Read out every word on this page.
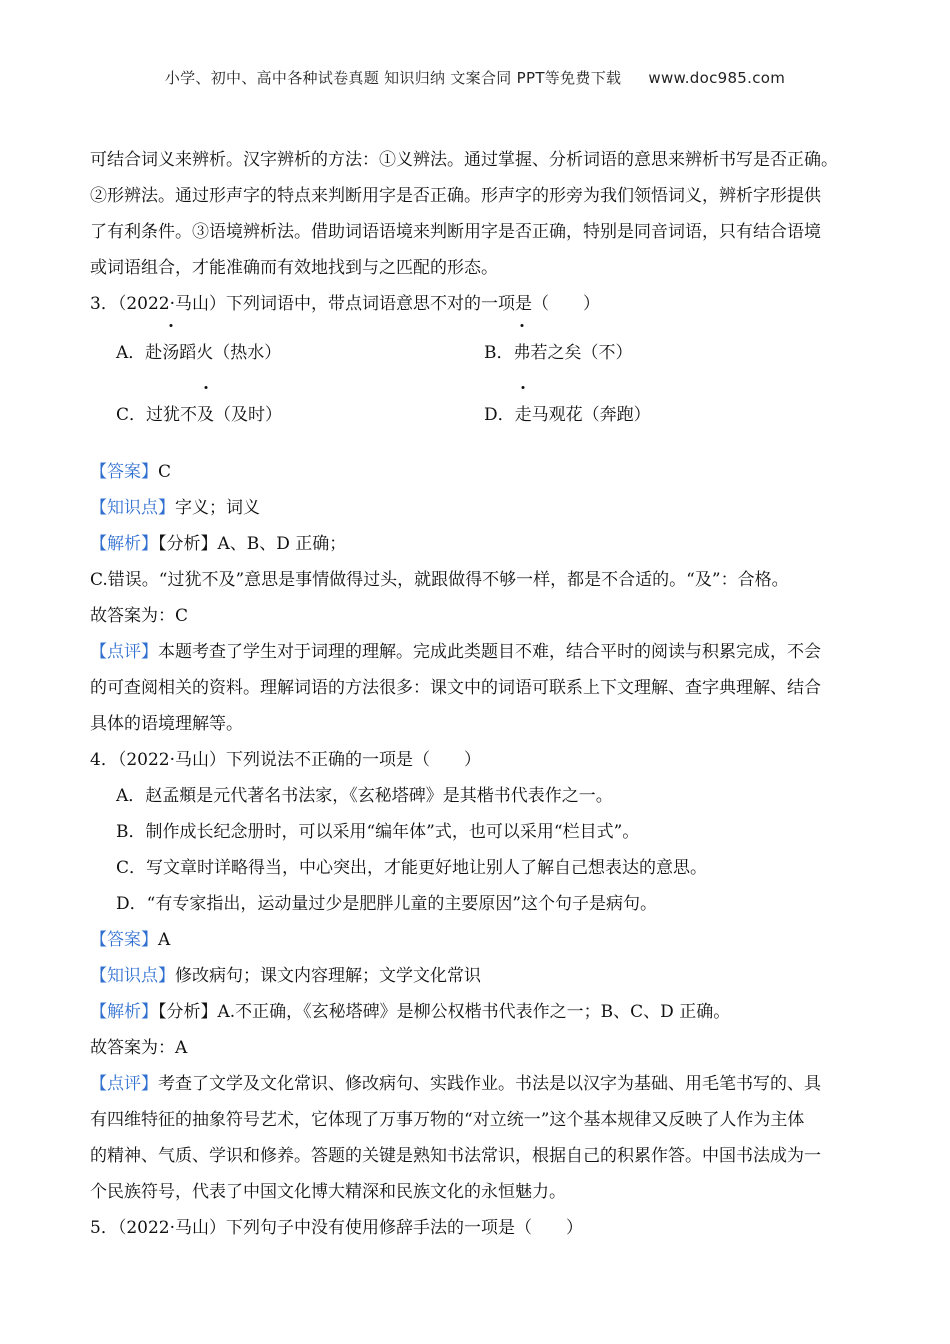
小学、初中、高中各种试卷真题 知识归纳 文案合同 PPT等免费下载 www.doc985.com
可结合词义来辨析。汉字辨析的方法：①义辨法。通过掌握、分析词语的意思来辨析书写是否正确。
②形辨法。通过形声字的特点来判断用字是否正确。形声字的形旁为我们领悟词义，辨析字形提供
了有利条件。③语境辨析法。借助词语语境来判断用字是否正确，特别是同音词语，只有结合语境
或词语组合，才能准确而有效地找到与之匹配的形态。
3．（2022·马山）下列词语中，带点词语意思不对的一项是（　　）
A．赴汤蹈火（热水）	B．弗若之矣（不）
C．过犹不及（及时）	D．走马观花（奔跑）
【答案】C
【知识点】字义；词义
【解析】【分析】A、B、D 正确；
C.错误。“过犹不及”意思是事情做得过头，就跟做得不够一样，都是不合适的。“及”：合格。
故答案为：C
【点评】本题考查了学生对于词理的理解。完成此类题目不难，结合平时的阅读与积累完成，不会
的可查阅相关的资料。理解词语的方法很多：课文中的词语可联系上下文理解、查字典理解、结合
具体的语境理解等。
4．（2022·马山）下列说法不正确的一项是（　　）
A．赵孟頫是元代著名书法家，《玄秘塔碑》是其楷书代表作之一。
B．制作成长纪念册时，可以采用“编年体”式，也可以采用“栏目式”。
C．写文章时详略得当，中心突出，才能更好地让别人了解自己想表达的意思。
D．“有专家指出，运动量过少是肥胖儿童的主要原因”这个句子是病句。
【答案】A
【知识点】修改病句；课文内容理解；文学文化常识
【解析】【分析】A.不正确，《玄秘塔碑》是柳公权楷书代表作之一；B、C、D 正确。
故答案为：A
【点评】考查了文学及文化常识、修改病句、实践作业。书法是以汉字为基础、用毛笔书写的、具
有四维特征的抽象符号艺术，它体现了万事万物的“对立统一”这个基本规律又反映了人作为主体
的精神、气质、学识和修养。答题的关键是熟知书法常识，根据自己的积累作答。中国书法成为一
个民族符号，代表了中国文化博大精深和民族文化的永恒魅力。
5．（2022·马山）下列句子中没有使用修辞手法的一项是（　　）
